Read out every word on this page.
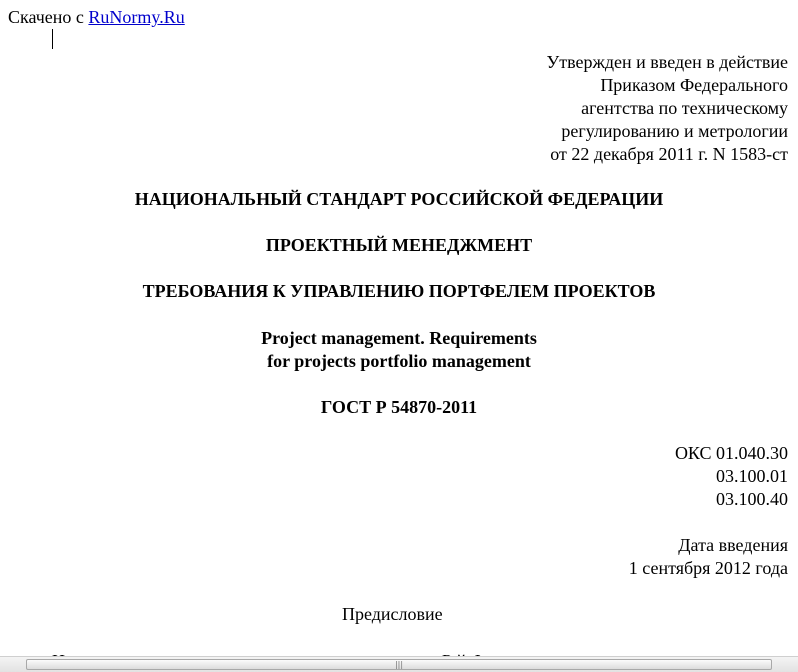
Скачено с RuNormy.Ru
Утвержден и введен в действие
Приказом Федерального
агентства по техническому
регулированию и метрологии
от 22 декабря 2011 г. N 1583-ст
НАЦИОНАЛЬНЫЙ СТАНДАРТ РОССИЙСКОЙ ФЕДЕРАЦИИ
ПРОЕКТНЫЙ МЕНЕДЖМЕНТ
ТРЕБОВАНИЯ К УПРАВЛЕНИЮ ПОРТФЕЛЕМ ПРОЕКТОВ
Project management. Requirements
for projects portfolio management
ГОСТ Р 54870-2011
ОКС 01.040.30
03.100.01
03.100.40
Дата введения
1 сентября 2012 года
Предисловие
|||
